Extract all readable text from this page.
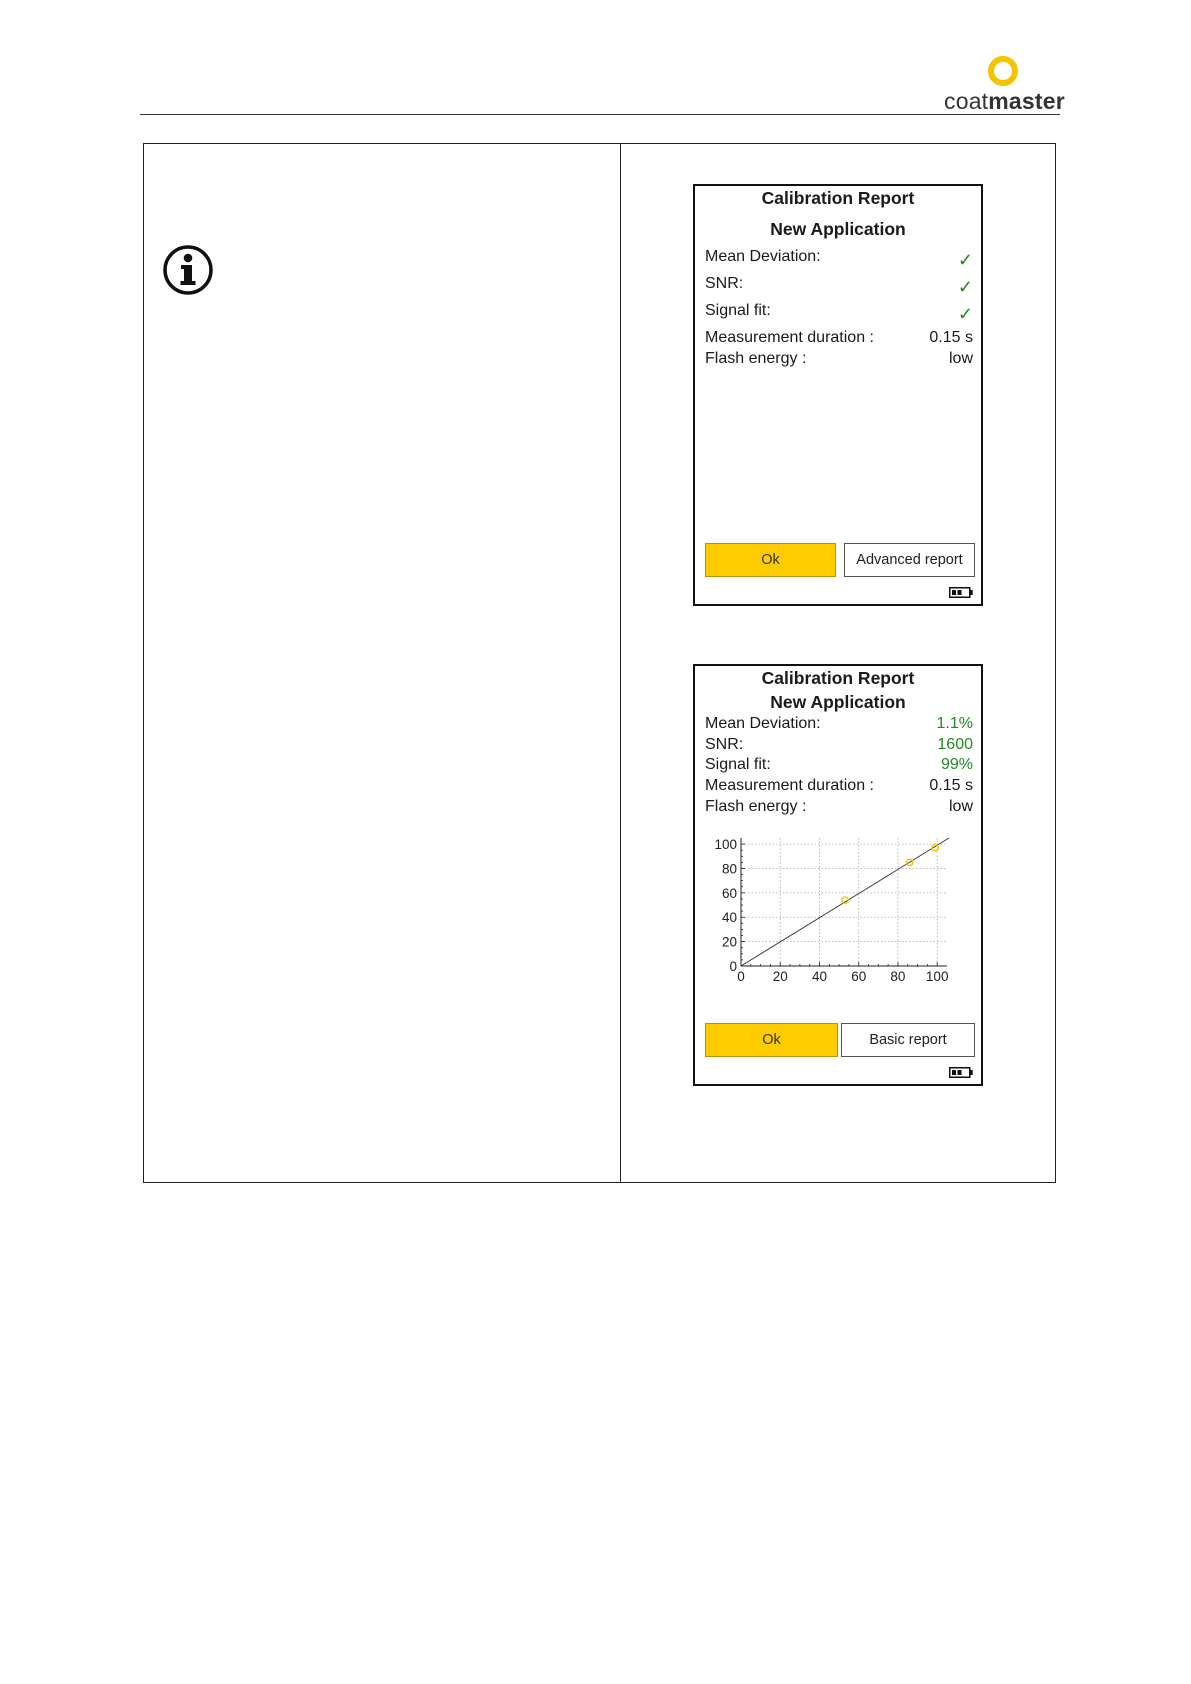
coatmaster
Calibration Report
New Application
Mean Deviation:	✓
SNR:	✓
Signal fit:	✓
Measurement duration :	0.15 s
Flash energy :	low
Ok	Advanced report
Calibration Report
New Application
Mean Deviation:	1.1%
SNR:	1600
Signal fit:	99%
Measurement duration :	0.15 s
Flash energy :	low
0 20 40 60 80 100
0
20
40
60
80
100
Ok	Basic report
